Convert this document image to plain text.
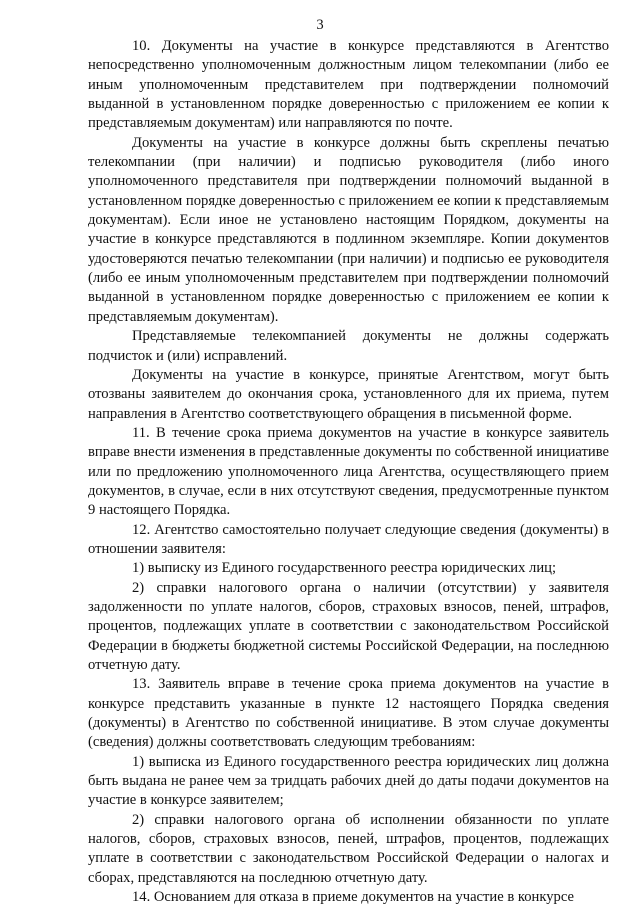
3

10. Документы на участие в конкурсе представляются в Агентство непосредственно уполномоченным должностным лицом телекомпании (либо ее иным уполномоченным представителем при подтверждении полномочий выданной в установленном порядке доверенностью с приложением ее копии к представляемым документам) или направляются по почте.

Документы на участие в конкурсе должны быть скреплены печатью телекомпании (при наличии) и подписью руководителя (либо иного уполномоченного представителя при подтверждении полномочий выданной в установленном порядке доверенностью с приложением ее копии к представляемым документам). Если иное не установлено настоящим Порядком, документы на участие в конкурсе представляются в подлинном экземпляре. Копии документов удостоверяются печатью телекомпании (при наличии) и подписью ее руководителя (либо ее иным уполномоченным представителем при подтверждении полномочий выданной в установленном порядке доверенностью с приложением ее копии к представляемым документам).

Представляемые телекомпанией документы не должны содержать подчисток и (или) исправлений.

Документы на участие в конкурсе, принятые Агентством, могут быть отозваны заявителем до окончания срока, установленного для их приема, путем направления в Агентство соответствующего обращения в письменной форме.

11. В течение срока приема документов на участие в конкурсе заявитель вправе внести изменения в представленные документы по собственной инициативе или по предложению уполномоченного лица Агентства, осуществляющего прием документов, в случае, если в них отсутствуют сведения, предусмотренные пунктом 9 настоящего Порядка.

12. Агентство самостоятельно получает следующие сведения (документы) в отношении заявителя:

1) выписку из Единого государственного реестра юридических лиц;

2) справки налогового органа о наличии (отсутствии) у заявителя задолженности по уплате налогов, сборов, страховых взносов, пеней, штрафов, процентов, подлежащих уплате в соответствии с законодательством Российской Федерации в бюджеты бюджетной системы Российской Федерации, на последнюю отчетную дату.

13. Заявитель вправе в течение срока приема документов на участие в конкурсе представить указанные в пункте 12 настоящего Порядка сведения (документы) в Агентство по собственной инициативе. В этом случае документы (сведения) должны соответствовать следующим требованиям:

1) выписка из Единого государственного реестра юридических лиц должна быть выдана не ранее чем за тридцать рабочих дней до даты подачи документов на участие в конкурсе заявителем;

2) справки налогового органа об исполнении обязанности по уплате налогов, сборов, страховых взносов, пеней, штрафов, процентов, подлежащих уплате в соответствии с законодательством Российской Федерации о налогах и сборах, представляются на последнюю отчетную дату.

14. Основанием для отказа в приеме документов на участие в конкурсе
